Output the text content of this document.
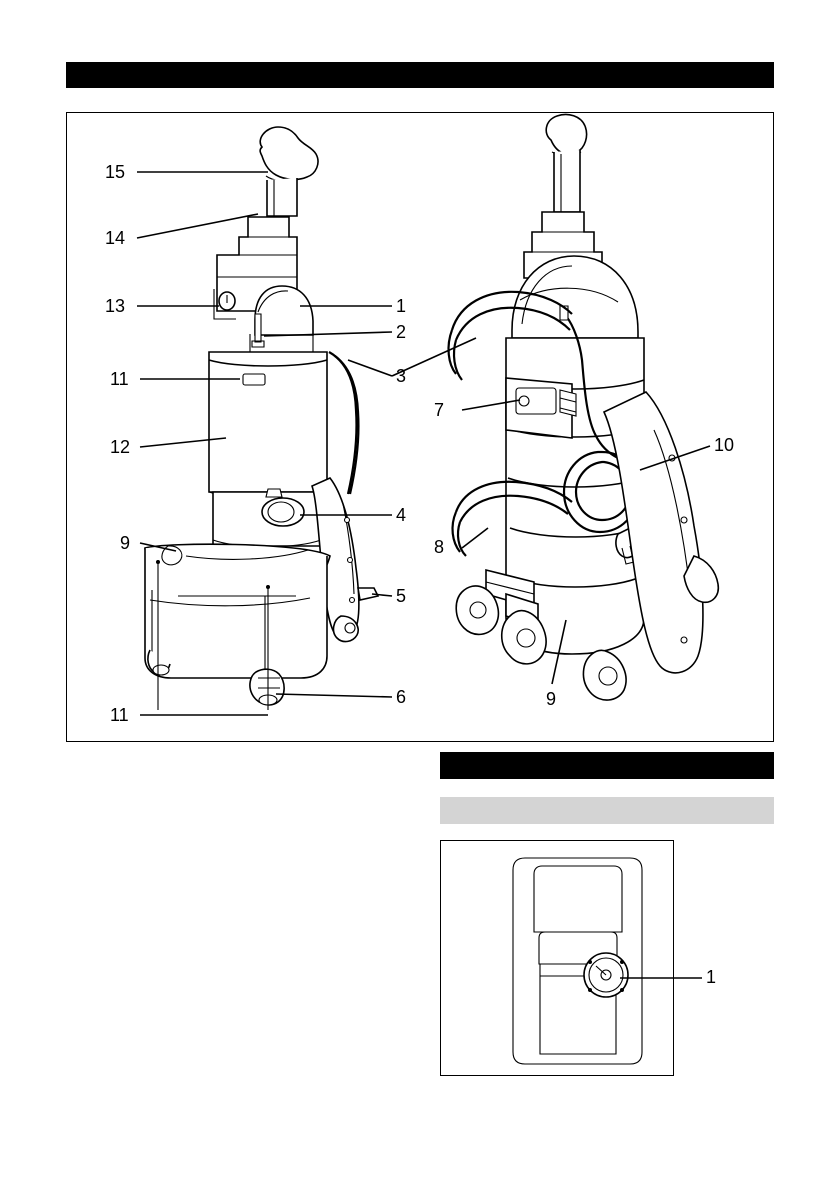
15
14
13
11
12
9
11
1
2
3
4
5
6
7
8
9
10
1
